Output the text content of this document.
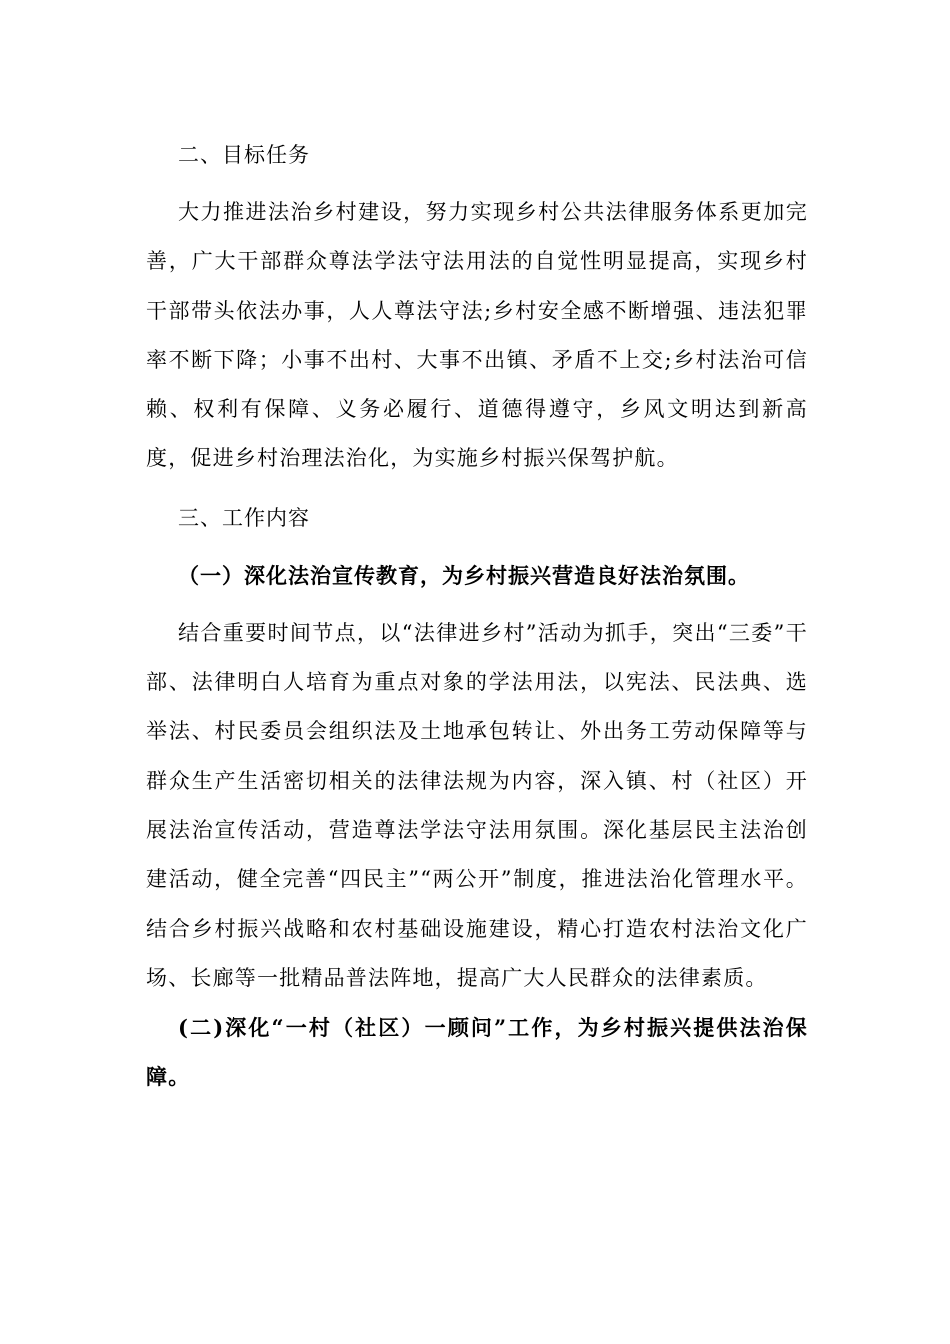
二、目标任务

大力推进法治乡村建设，努力实现乡村公共法律服务体系更加完善，广大干部群众尊法学法守法用法的自觉性明显提高，实现乡村干部带头依法办事，人人尊法守法;乡村安全感不断增强、违法犯罪率不断下降；小事不出村、大事不出镇、矛盾不上交;乡村法治可信赖、权利有保障、义务必履行、道德得遵守，乡风文明达到新高度，促进乡村治理法治化，为实施乡村振兴保驾护航。

三、工作内容

（一）深化法治宣传教育，为乡村振兴营造良好法治氛围。

结合重要时间节点，以“法律进乡村”活动为抓手，突出“三委”干部、法律明白人培育为重点对象的学法用法，以宪法、民法典、选举法、村民委员会组织法及土地承包转让、外出务工劳动保障等与群众生产生活密切相关的法律法规为内容，深入镇、村（社区）开展法治宣传活动，营造尊法学法守法用氛围。深化基层民主法治创建活动，健全完善“四民主”“两公开”制度，推进法治化管理水平。结合乡村振兴战略和农村基础设施建设，精心打造农村法治文化广场、长廊等一批精品普法阵地，提高广大人民群众的法律素质。

(二)深化“一村（社区）一顾问”工作，为乡村振兴提供法治保障。
